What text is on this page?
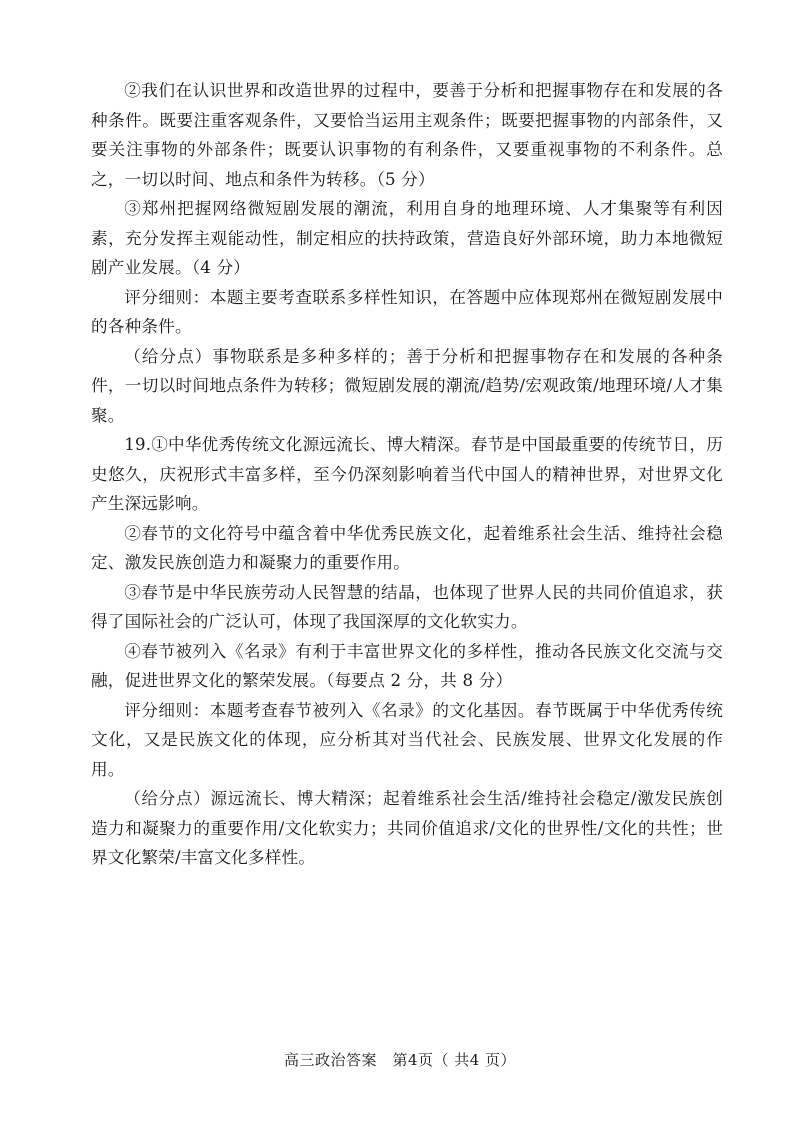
②我们在认识世界和改造世界的过程中，要善于分析和把握事物存在和发展的各种条件。既要注重客观条件，又要恰当运用主观条件；既要把握事物的内部条件，又要关注事物的外部条件；既要认识事物的有利条件，又要重视事物的不利条件。总之，一切以时间、地点和条件为转移。（5 分）

③郑州把握网络微短剧发展的潮流，利用自身的地理环境、人才集聚等有利因素，充分发挥主观能动性，制定相应的扶持政策，营造良好外部环境，助力本地微短剧产业发展。（4 分）

评分细则：本题主要考查联系多样性知识，在答题中应体现郑州在微短剧发展中的各种条件。

（给分点）事物联系是多种多样的；善于分析和把握事物存在和发展的各种条件，一切以时间地点条件为转移；微短剧发展的潮流/趋势/宏观政策/地理环境/人才集聚。

19.①中华优秀传统文化源远流长、博大精深。春节是中国最重要的传统节日，历史悠久，庆祝形式丰富多样，至今仍深刻影响着当代中国人的精神世界，对世界文化产生深远影响。

②春节的文化符号中蕴含着中华优秀民族文化，起着维系社会生活、维持社会稳定、激发民族创造力和凝聚力的重要作用。

③春节是中华民族劳动人民智慧的结晶，也体现了世界人民的共同价值追求，获得了国际社会的广泛认可，体现了我国深厚的文化软实力。

④春节被列入《名录》有利于丰富世界文化的多样性，推动各民族文化交流与交融，促进世界文化的繁荣发展。（每要点 2 分，共 8 分）

评分细则：本题考查春节被列入《名录》的文化基因。春节既属于中华优秀传统文化，又是民族文化的体现，应分析其对当代社会、民族发展、世界文化发展的作用。

（给分点）源远流长、博大精深；起着维系社会生活/维持社会稳定/激发民族创造力和凝聚力的重要作用/文化软实力；共同价值追求/文化的世界性/文化的共性；世界文化繁荣/丰富文化多样性。

高三政治答案　第4页（ 共4 页）
